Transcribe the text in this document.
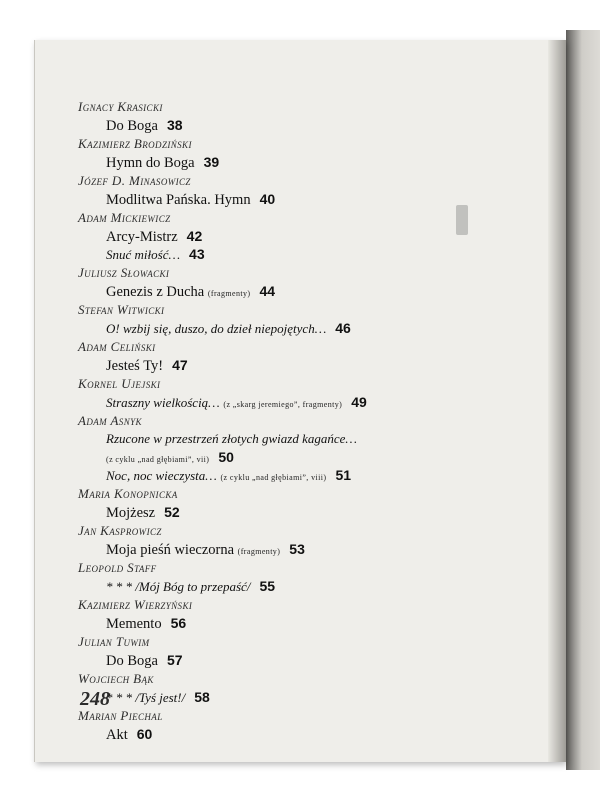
Ignacy Krasicki
Do Boga 38
Kazimierz Brodziński
Hymn do Boga 39
Józef D. Minasowicz
Modlitwa Pańska. Hymn 40
Adam Mickiewicz
Arcy-Mistrz 42
Snuć miłość… 43
Juliusz Słowacki
Genezis z Ducha (fragmenty) 44
Stefan Witwicki
O! wzbij się, duszo, do dzieł niepojętych… 46
Adam Celiński
Jesteś Ty! 47
Kornel Ujejski
Straszny wielkością… (z „skarg jeremiego”, fragmenty) 49
Adam Asnyk
Rzucone w przestrzeń złotych gwiazd kagańce…
(z cyklu „nad głębiami”, vii) 50
Noc, noc wieczysta… (z cyklu „nad głębiami”, viii) 51
Maria Konopnicka
Mojżesz 52
Jan Kasprowicz
Moja pieśń wieczorna (fragmenty) 53
Leopold Staff
* * * /Mój Bóg to przepaść/ 55
Kazimierz Wierzyński
Memento 56
Julian Tuwim
Do Boga 57
Wojciech Bąk
* * * /Tyś jest!/ 58
Marian Piechal
Akt 60
248
